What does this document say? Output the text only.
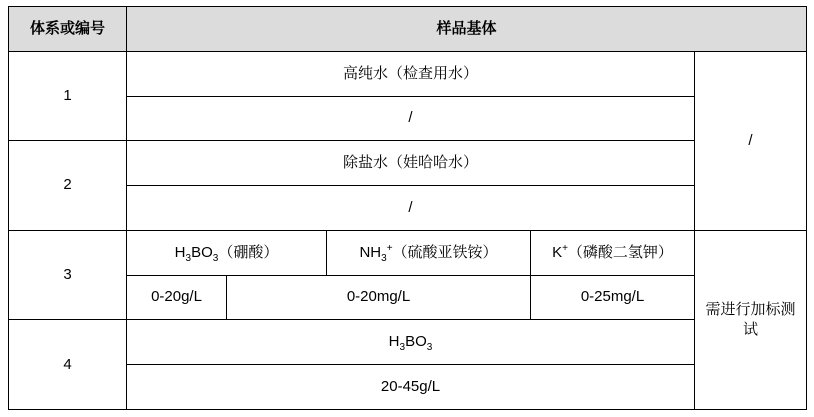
体系或编号	样品基体				
1	高纯水（检查用水）				/
	/				
2	除盐水（娃哈哈水）				
	/				
3	$H_3BO_3$（硼酸）		$NH_3^+$（硫酸亚铁铵）	K+（磷酸二氢钾）	需进行加标测试
	0-20g/L	0-20mg/L		0-25mg/L	
4	$H_3BO_3$
	20-45g/L				
